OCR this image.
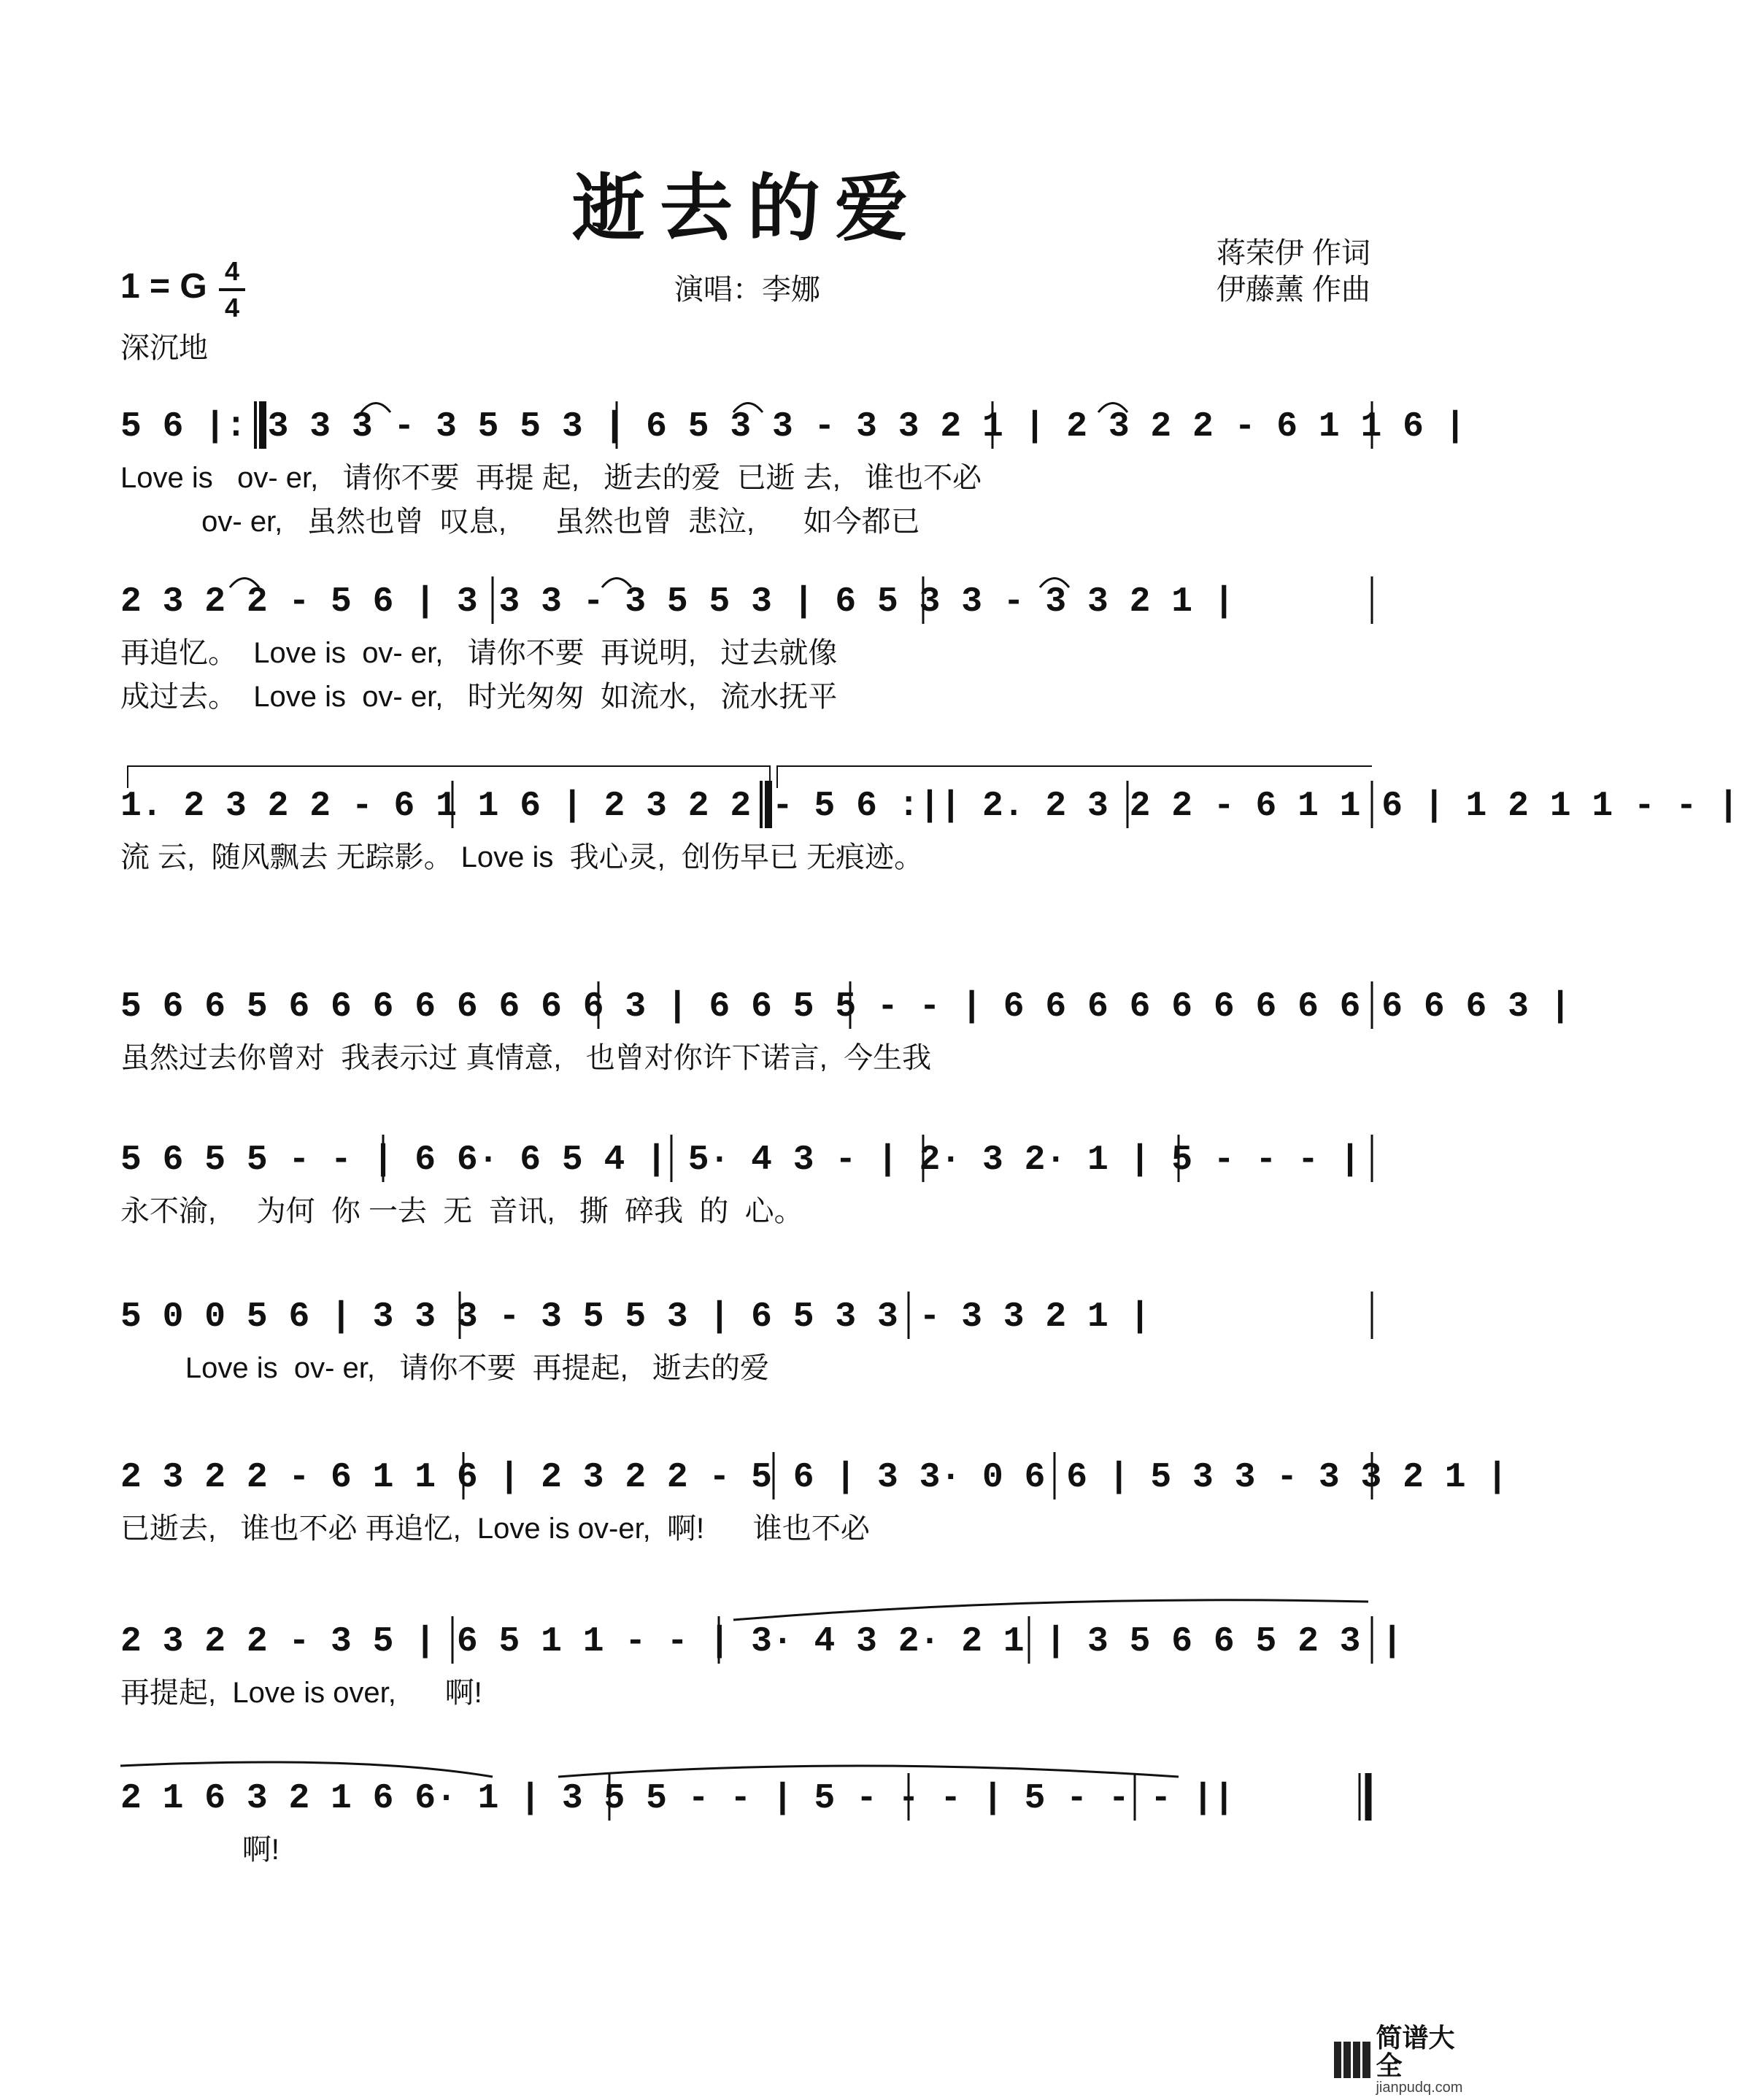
逝去的爱
1 = G 4
4
深沉地
演唱：李娜
蒋荣伊 作词
伊藤薰 作曲
5 6 |: 3 3 3 - 3 5 5 3 | 6 5 3 3 - 3 3 2 1 | 2 3 2 2 - 6 1 1 6 |
Love is   ov- er,   请你不要  再提 起,   逝去的爱  已逝 去,   谁也不必
ov- er,   虽然也曾  叹息,      虽然也曾  悲泣,      如今都已
2 3 2 2 - 5 6 | 3 3 3 - 3 5 5 3 | 6 5 3 3 - 3 3 2 1 |
再追忆。  Love is  ov- er,   请你不要  再说明,   过去就像
成过去。  Love is  ov- er,   时光匆匆  如流水,   流水抚平
1. 2 3 2 2 - 6 1 1 6 | 2 3 2 2 - 5 6 :|| 2. 2 3 2 2 - 6 1 1 6 | 1 2 1 1 - - |
流 云,  随风飘去 无踪影。 Love is  我心灵,  创伤早已 无痕迹。
5 6 6 5 6 6 6 6 6 6 6 6 3 | 6 6 5 5 - - | 6 6 6 6 6 6 6 6 6 6 6 6 3 |
虽然过去你曾对  我表示过 真情意,   也曾对你许下诺言,  今生我
5 6 5 5 - - | 6 6· 6 5 4 | 5· 4 3 - | 2· 3 2· 1 | 5 - - - |
永不渝,     为何  你 一去  无  音讯,   撕  碎我  的  心。
5 0 0 5 6 | 3 3 3 - 3 5 5 3 | 6 5 3 3 - 3 3 2 1 |
Love is  ov- er,   请你不要  再提起,   逝去的爱
2 3 2 2 - 6 1 1 6 | 2 3 2 2 - 5 6 | 3 3· 0 6 6 | 5 3 3 - 3 3 2 1 |
已逝去,   谁也不必 再追忆,  Love is ov-er,  啊!      谁也不必
2 3 2 2 - 3 5 | 6 5 1 1 - - | 3· 4 3 2· 2 1 | 3 5 6 6 5 2 3 |
再提起,  Love is over,      啊!
2 1 6 3 2 1 6 6· 1 | 3 5 5 - - | 5 - - - | 5 - - - ||
啊!
简谱大全
jianpudq.com
